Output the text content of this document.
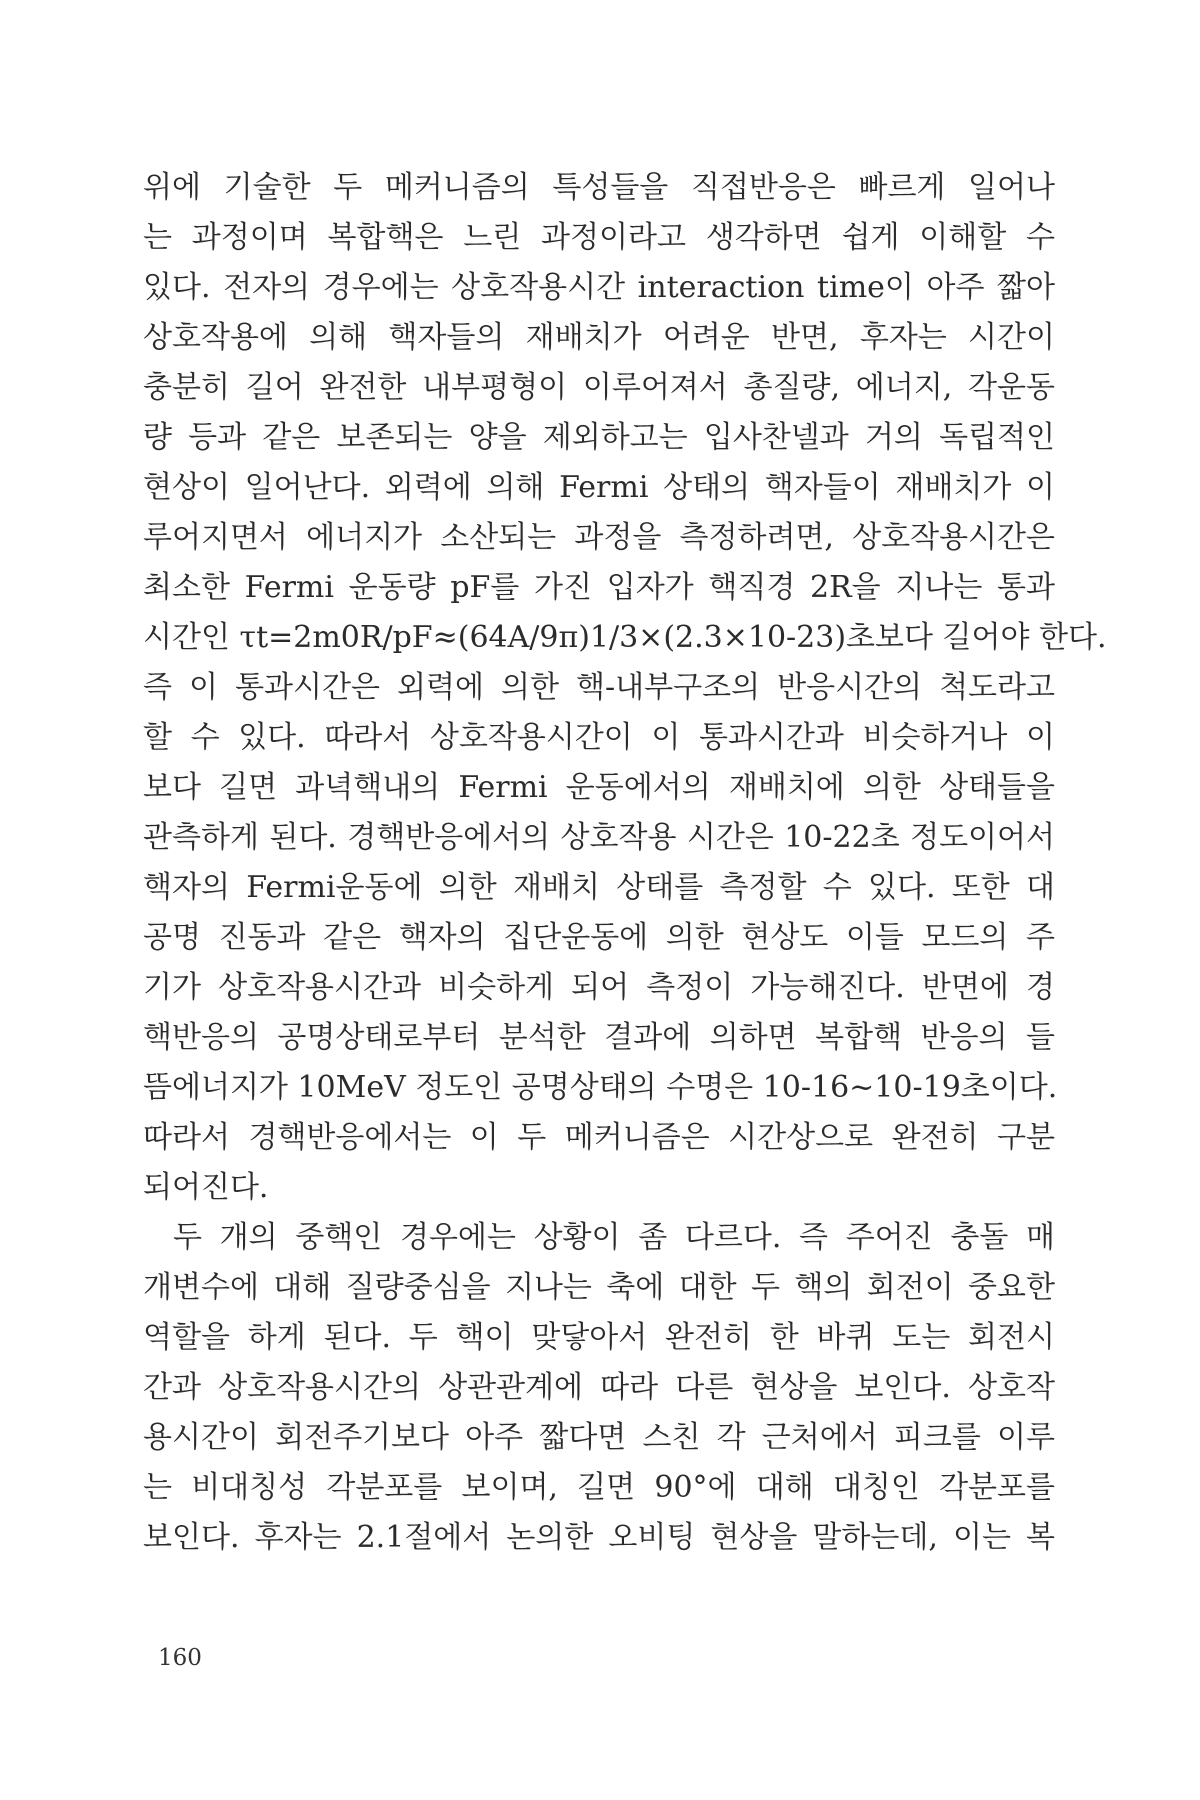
위에 기술한 두 메커니즘의 특성들을 직접반응은 빠르게 일어나
는 과정이며 복합핵은 느린 과정이라고 생각하면 쉽게 이해할 수
있다. 전자의 경우에는 상호작용시간 interaction time이 아주 짧아
상호작용에 의해 핵자들의 재배치가 어려운 반면, 후자는 시간이
충분히 길어 완전한 내부평형이 이루어져서 총질량, 에너지, 각운동
량 등과 같은 보존되는 양을 제외하고는 입사찬넬과 거의 독립적인
현상이 일어난다. 외력에 의해 Fermi 상태의 핵자들이 재배치가 이
루어지면서 에너지가 소산되는 과정을 측정하려면, 상호작용시간은
최소한 Fermi 운동량 pF를 가진 입자가 핵직경 2R을 지나는 통과
시간인 τt=2m0R/pF≈(64A/9π)1/3×(2.3×10-23)초보다 길어야 한다.
즉 이 통과시간은 외력에 의한 핵-내부구조의 반응시간의 척도라고
할 수 있다. 따라서 상호작용시간이 이 통과시간과 비슷하거나 이
보다 길면 과녁핵내의 Fermi 운동에서의 재배치에 의한 상태들을
관측하게 된다. 경핵반응에서의 상호작용 시간은 10-22초 정도이어서
핵자의 Fermi운동에 의한 재배치 상태를 측정할 수 있다. 또한 대
공명 진동과 같은 핵자의 집단운동에 의한 현상도 이들 모드의 주
기가 상호작용시간과 비슷하게 되어 측정이 가능해진다. 반면에 경
핵반응의 공명상태로부터 분석한 결과에 의하면 복합핵 반응의 들
뜸에너지가 10MeV 정도인 공명상태의 수명은 10-16~10-19초이다.
따라서 경핵반응에서는 이 두 메커니즘은 시간상으로 완전히 구분
되어진다.
두 개의 중핵인 경우에는 상황이 좀 다르다. 즉 주어진 충돌 매
개변수에 대해 질량중심을 지나는 축에 대한 두 핵의 회전이 중요한
역할을 하게 된다. 두 핵이 맞닿아서 완전히 한 바퀴 도는 회전시
간과 상호작용시간의 상관관계에 따라 다른 현상을 보인다. 상호작
용시간이 회전주기보다 아주 짧다면 스친 각 근처에서 피크를 이루
는 비대칭성 각분포를 보이며, 길면 90°에 대해 대칭인 각분포를
보인다. 후자는 2.1절에서 논의한 오비팅 현상을 말하는데, 이는 복
160
